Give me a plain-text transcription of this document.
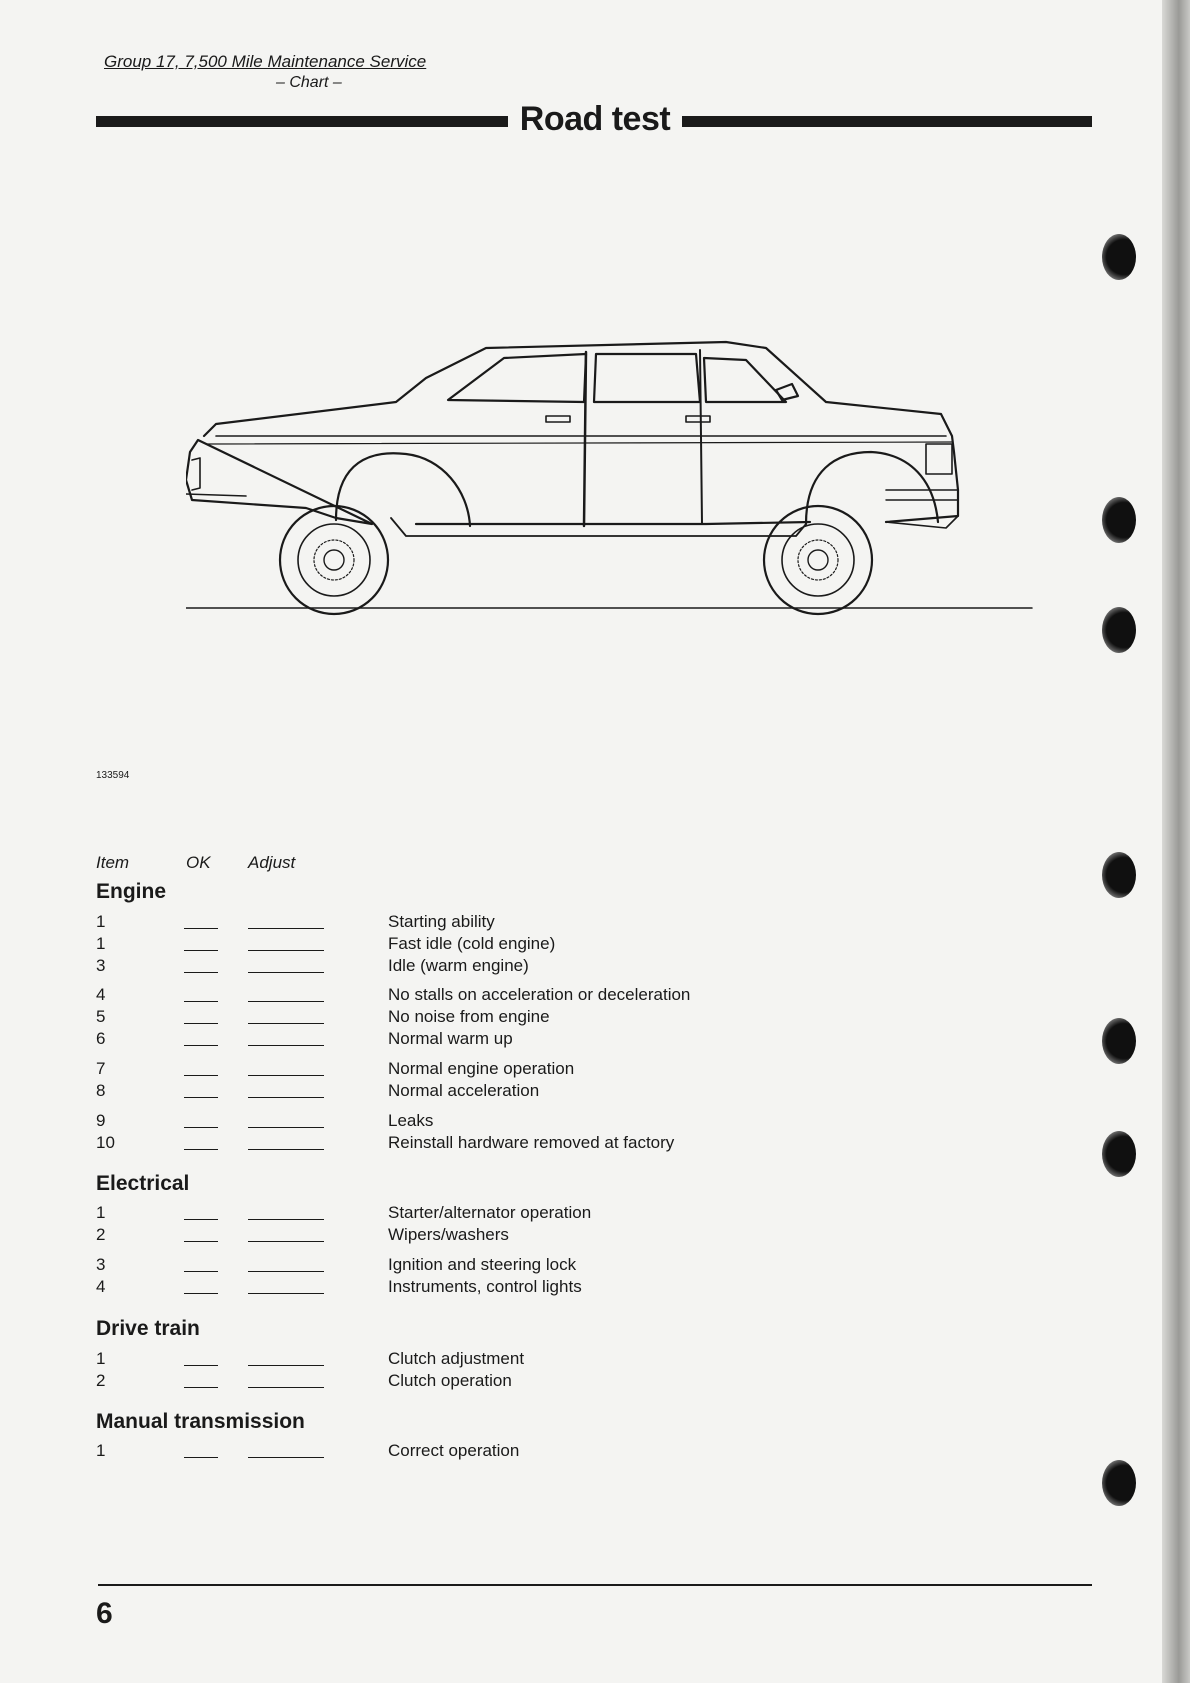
Group 17, 7,500 Mile Maintenance Service
– Chart –
Road test
133594
Item	OK Adjust
Engine
1	Starting ability
1	Fast idle (cold engine)
3	Idle (warm engine)
4	No stalls on acceleration or deceleration
5	No noise from engine
6	Normal warm up
7	Normal engine operation
8	Normal acceleration
9	Leaks
10	Reinstall hardware removed at factory
Electrical
1	Starter/alternator operation
2	Wipers/washers
3	Ignition and steering lock
4	Instruments, control lights
Drive train
1	Clutch adjustment
2	Clutch operation
Manual transmission
1	Correct operation
6
